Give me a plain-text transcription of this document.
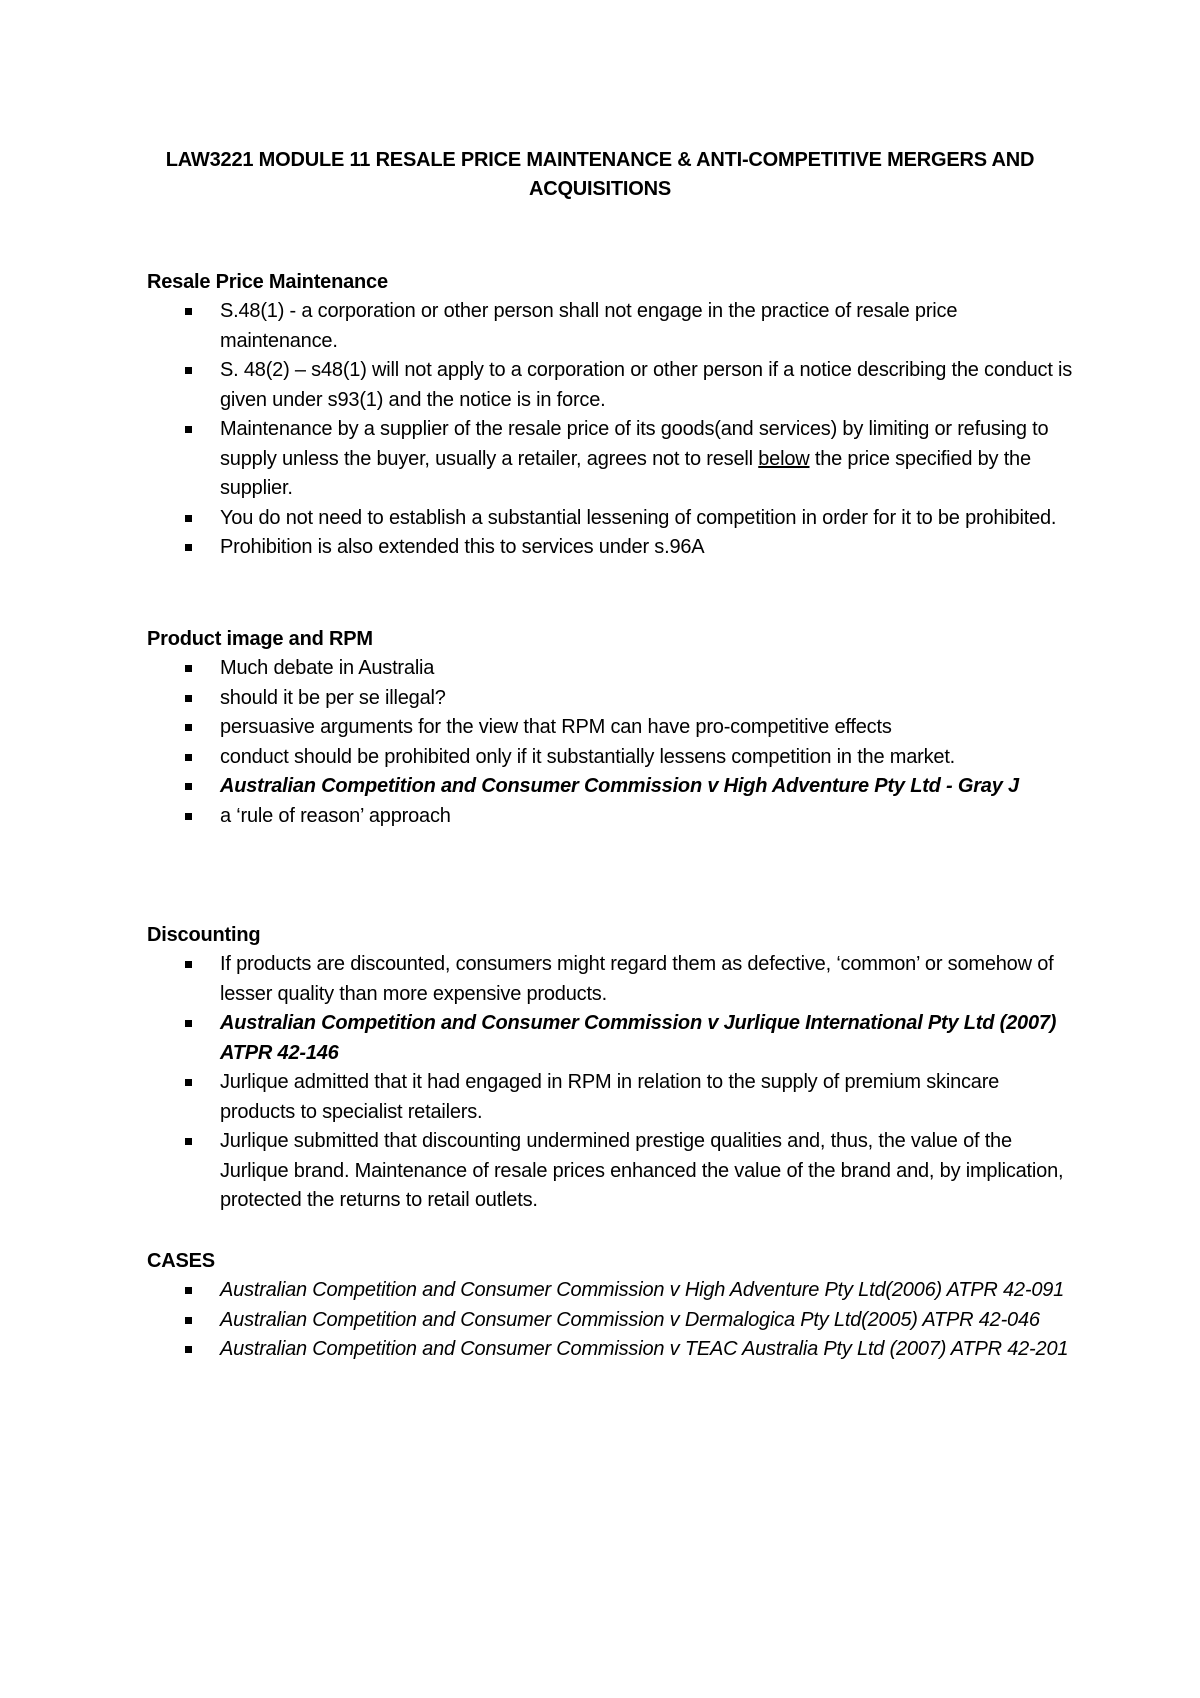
LAW3221 MODULE 11 RESALE PRICE MAINTENANCE & ANTI-COMPETITIVE MERGERS AND ACQUISITIONS

Resale Price Maintenance

S.48(1) - a corporation or other person shall not engage in the practice of resale price maintenance.
S. 48(2) – s48(1) will not apply to a corporation or other person if a notice describing the conduct is given under s93(1) and the notice is in force.
Maintenance by a supplier of the resale price of its goods(and services) by limiting or refusing to supply unless the buyer, usually a retailer, agrees not to resell below the price specified by the supplier.
You do not need to establish a substantial lessening of competition in order for it to be prohibited.
Prohibition is also extended this to services under s.96A

Product image and RPM

Much debate in Australia
should it be per se illegal?
persuasive arguments for the view that RPM can have pro-competitive effects
conduct should be prohibited only if it substantially lessens competition in the market.
Australian Competition and Consumer Commission v High Adventure Pty Ltd - Gray J
a ‘rule of reason’ approach

Discounting

If products are discounted, consumers might regard them as defective, ‘common’ or somehow of lesser quality than more expensive products.
Australian Competition and Consumer Commission v Jurlique International Pty Ltd (2007) ATPR 42-146
Jurlique admitted that it had engaged in RPM in relation to the supply of premium skincare products to specialist retailers.
Jurlique submitted that discounting undermined prestige qualities and, thus, the value of the Jurlique brand. Maintenance of resale prices enhanced the value of the brand and, by implication, protected the returns to retail outlets.

CASES

Australian Competition and Consumer Commission v High Adventure Pty Ltd(2006) ATPR 42-091
Australian Competition and Consumer Commission v Dermalogica Pty Ltd(2005) ATPR 42-046
Australian Competition and Consumer Commission v TEAC Australia Pty Ltd (2007) ATPR 42-201
